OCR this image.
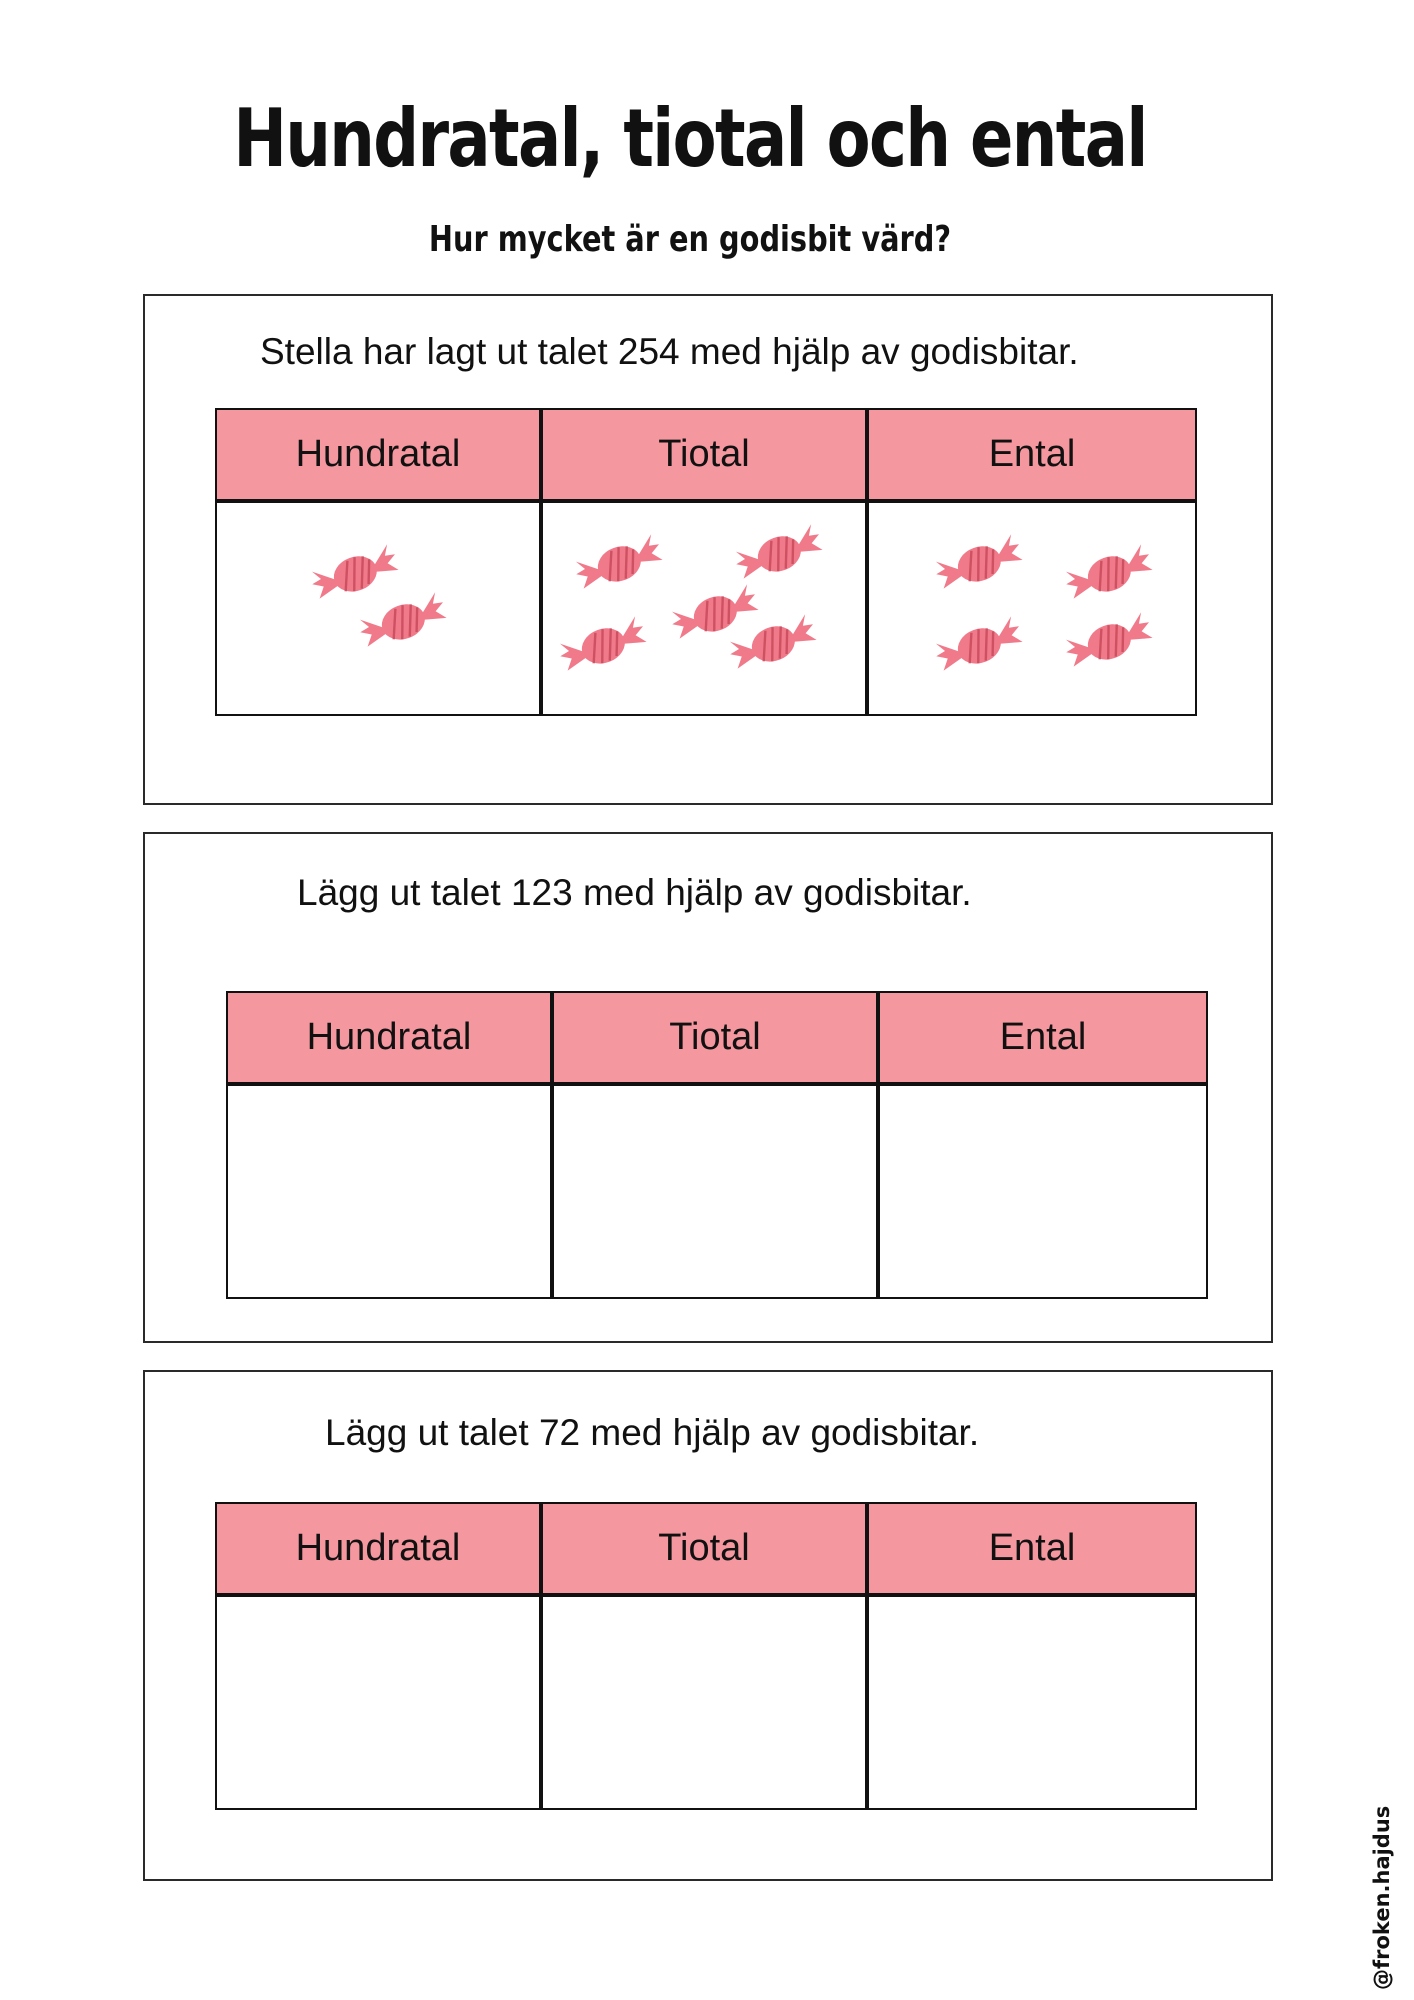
Hundratal, tiotal och ental
Hur mycket är en godisbit värd?
Stella har lagt ut talet 254 med hjälp av godisbitar.
Hundratal	Tiotal	Ental
Lägg ut talet 123 med hjälp av godisbitar.
Hundratal	Tiotal	Ental
Lägg ut talet 72 med hjälp av godisbitar.
Hundratal	Tiotal	Ental
@froken.hajdus
